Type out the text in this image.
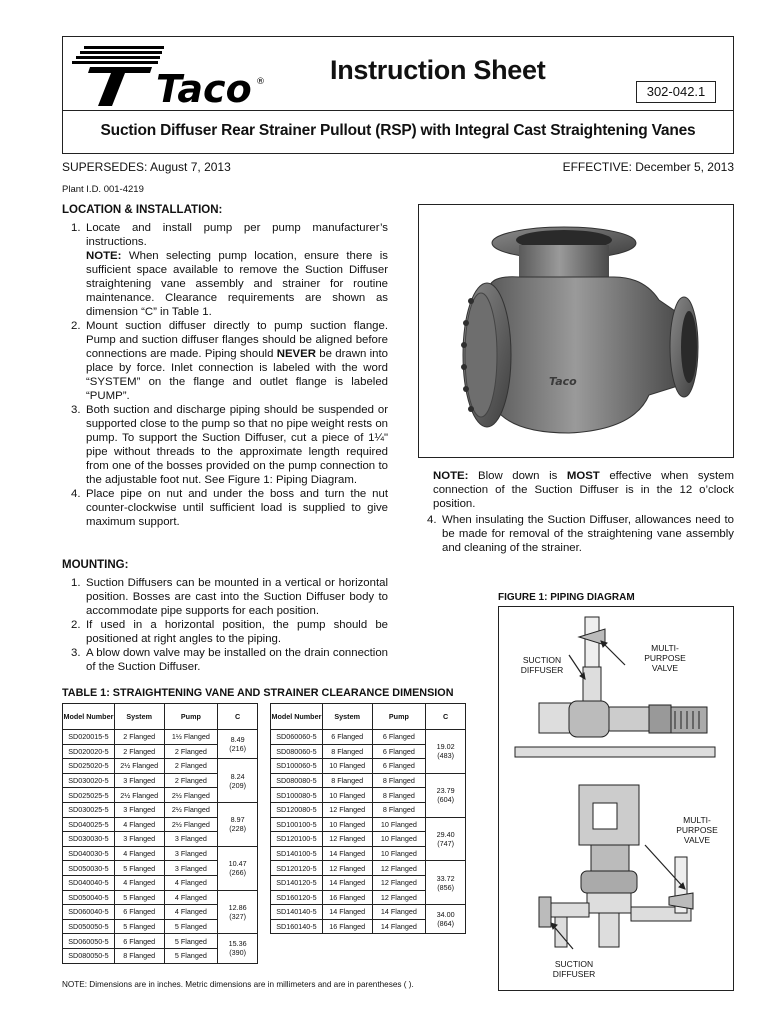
Taco ® Instruction Sheet
302-042.1
Suction Diffuser Rear Strainer Pullout (RSP) with Integral Cast Straightening Vanes
SUPERSEDES: August 7, 2013	EFFECTIVE: December 5, 2013
Plant I.D. 001-4219
LOCATION & INSTALLATION:
1. Locate and install pump per pump manufacturer’s instructions.
NOTE: When selecting pump location, ensure there is sufficient space available to remove the Suction Diffuser straightening vane assembly and strainer for routine maintenance. Clearance requirements are shown as dimension “C” in Table 1.
2. Mount suction diffuser directly to pump suction flange. Pump and suction diffuser flanges should be aligned before connections are made. Piping should NEVER be drawn into place by force. Inlet connection is labeled with the word “SYSTEM” on the flange and outlet flange is labeled “PUMP”.
3. Both suction and discharge piping should be suspended or supported close to the pump so that no pipe weight rests on pump. To support the Suction Diffuser, cut a piece of 1¼" pipe without threads to the approximate length required from one of the bosses provided on the pump connection to the adjustable foot nut. See Figure 1: Piping Diagram.
4. Place pipe on nut and under the boss and turn the nut counter-clockwise until sufficient load is supplied to give maximum support.
MOUNTING:
1. Suction Diffusers can be mounted in a vertical or horizontal position. Bosses are cast into the Suction Diffuser body to accommodate pipe supports for each position.
2. If used in a horizontal position, the pump should be positioned at right angles to the piping.
3. A blow down valve may be installed on the drain connection of the Suction Diffuser.
Taco
NOTE: Blow down is MOST effective when system connection of the Suction Diffuser is in the 12 o’clock position.
4. When insulating the Suction Diffuser, allowances need to be made for removal of the straightening vane assembly and cleaning of the strainer.
FIGURE 1: PIPING DIAGRAM
SUCTION
DIFFUSER
MULTI-
PURPOSE
VALVE
MULTI-
PURPOSE
VALVE
SUCTION
DIFFUSER
TABLE 1: STRAIGHTENING VANE AND STRAINER CLEARANCE DIMENSION
Model Number	System	Pump	C
SD020015-5	2 Flanged	1½ Flanged	8.49
(216)

SD020020-5	2 Flanged	2 Flanged	
SD025020-5	2½ Flanged	2 Flanged	8.24
(209)

SD030020-5	3 Flanged	2 Flanged	
SD025025-5	2½ Flanged	2½ Flanged	
SD030025-5	3 Flanged	2½ Flanged	8.97
(228)

SD040025-5	4 Flanged	2½ Flanged	
SD030030-5	3 Flanged	3 Flanged	
SD040030-5	4 Flanged	3 Flanged	10.47
(266)

SD050030-5	5 Flanged	3 Flanged	
SD040040-5	4 Flanged	4 Flanged	
SD050040-5	5 Flanged	4 Flanged	12.86
(327)

SD060040-5	6 Flanged	4 Flanged	
SD050050-5	5 Flanged	5 Flanged	
SD060050-5	6 Flanged	5 Flanged	15.36
(390)

SD080050-5	8 Flanged	5 Flanged	
Model Number	System	Pump	C
SD060060-5	6 Flanged	6 Flanged	19.02
(483)

SD080060-5	8 Flanged	6 Flanged	
SD100060-5	10 Flanged	6 Flanged	
SD080080-5	8 Flanged	8 Flanged	23.79
(604)

SD100080-5	10 Flanged	8 Flanged	
SD120080-5	12 Flanged	8 Flanged	
SD100100-5	10 Flanged	10 Flanged	29.40
(747)

SD120100-5	12 Flanged	10 Flanged	
SD140100-5	14 Flanged	10 Flanged	
SD120120-5	12 Flanged	12 Flanged	33.72
(856)

SD140120-5	14 Flanged	12 Flanged	
SD160120-5	16 Flanged	12 Flanged	
SD140140-5	14 Flanged	14 Flanged	34.00
(864)

SD160140-5	16 Flanged	14 Flanged	
NOTE: Dimensions are in inches. Metric dimensions are in millimeters and are in parentheses ( ).
